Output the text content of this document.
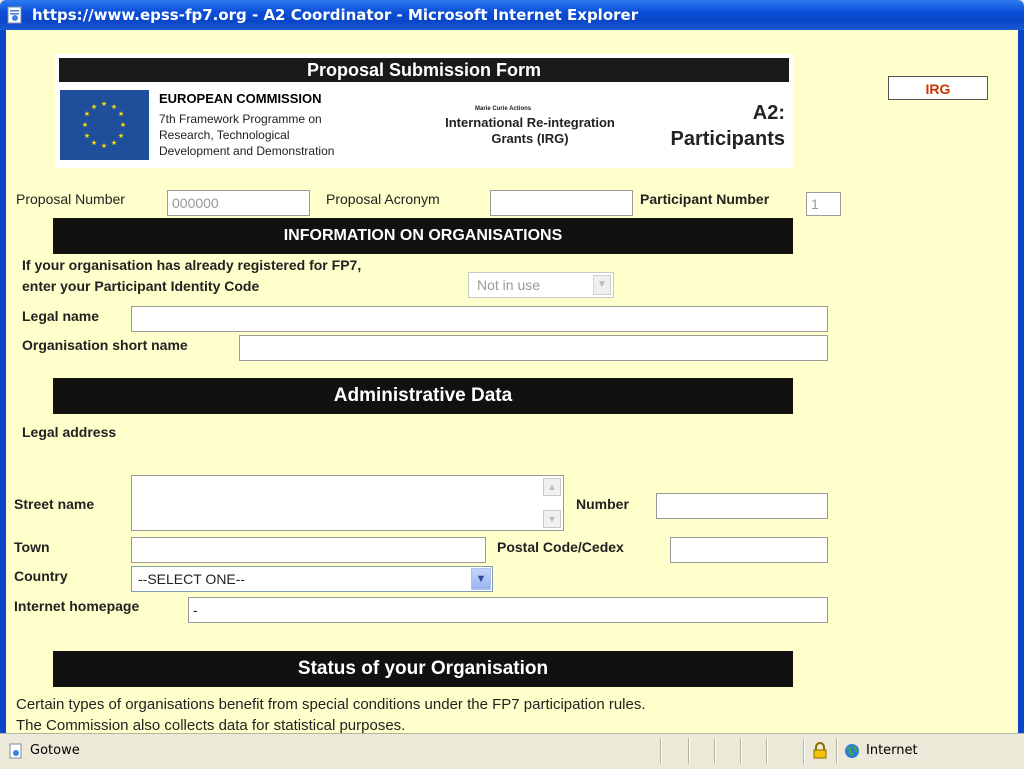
https://www.epss-fp7.org - A2 Coordinator - Microsoft Internet Explorer
Proposal Submission Form
★ ★
★
★
★
★
★
★
★
★
★
★
EUROPEAN COMMISSION
7th Framework Programme on
Research, Technological
Development and Demonstration
Marie Curie Actions
International Re-integration
Grants (IRG)
A2:
Participants
IRG
Proposal Number	000000	Proposal Acronym	Participant Number	1
INFORMATION ON ORGANISATIONS
If your organisation has already registered for FP7,
enter your Participant Identity Code	Not in use	▼
Legal name
Organisation short name
Administrative Data
Legal address
Street name
▲
▼
Number
Town	Postal Code/Cedex
Country	--SELECT ONE--	▼
Internet homepage	-
Status of your Organisation
Certain types of organisations benefit from special conditions under the FP7 participation rules.
The Commission also collects data for statistical purposes.
Gotowe	Internet
